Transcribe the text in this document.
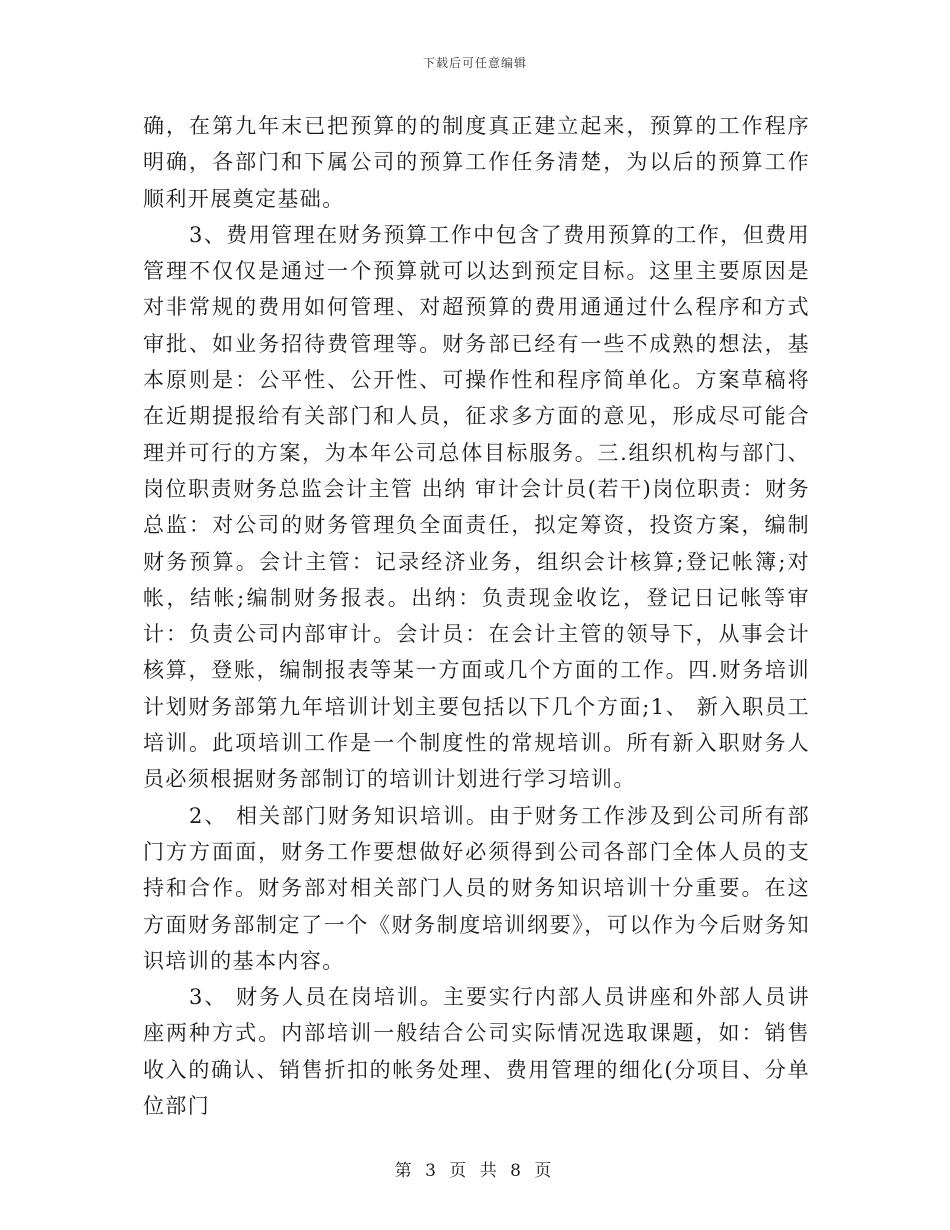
下载后可任意编辑

确，在第九年末已把预算的的制度真正建立起来，预算的工作程序明确，各部门和下属公司的预算工作任务清楚，为以后的预算工作顺利开展奠定基础。

3、费用管理在财务预算工作中包含了费用预算的工作，但费用管理不仅仅是通过一个预算就可以达到预定目标。这里主要原因是对非常规的费用如何管理、对超预算的费用通通过什么程序和方式审批、如业务招待费管理等。财务部已经有一些不成熟的想法，基本原则是：公平性、公开性、可操作性和程序简单化。方案草稿将在近期提报给有关部门和人员，征求多方面的意见，形成尽可能合理并可行的方案，为本年公司总体目标服务。三.组织机构与部门、岗位职责财务总监会计主管 出纳 审计会计员(若干)岗位职责：财务总监：对公司的财务管理负全面责任，拟定筹资，投资方案，编制财务预算。会计主管：记录经济业务，组织会计核算;登记帐簿;对帐，结帐;编制财务报表。出纳：负责现金收讫，登记日记帐等审计：负责公司内部审计。会计员：在会计主管的领导下，从事会计核算，登账，编制报表等某一方面或几个方面的工作。四.财务培训计划财务部第九年培训计划主要包括以下几个方面;1、 新入职员工培训。此项培训工作是一个制度性的常规培训。所有新入职财务人员必须根据财务部制订的培训计划进行学习培训。

2、 相关部门财务知识培训。由于财务工作涉及到公司所有部门方方面面，财务工作要想做好必须得到公司各部门全体人员的支持和合作。财务部对相关部门人员的财务知识培训十分重要。在这方面财务部制定了一个《财务制度培训纲要》，可以作为今后财务知识培训的基本内容。

3、 财务人员在岗培训。主要实行内部人员讲座和外部人员讲座两种方式。内部培训一般结合公司实际情况选取课题，如：销售收入的确认、销售折扣的帐务处理、费用管理的细化(分项目、分单位部门

第 3 页 共 8 页
